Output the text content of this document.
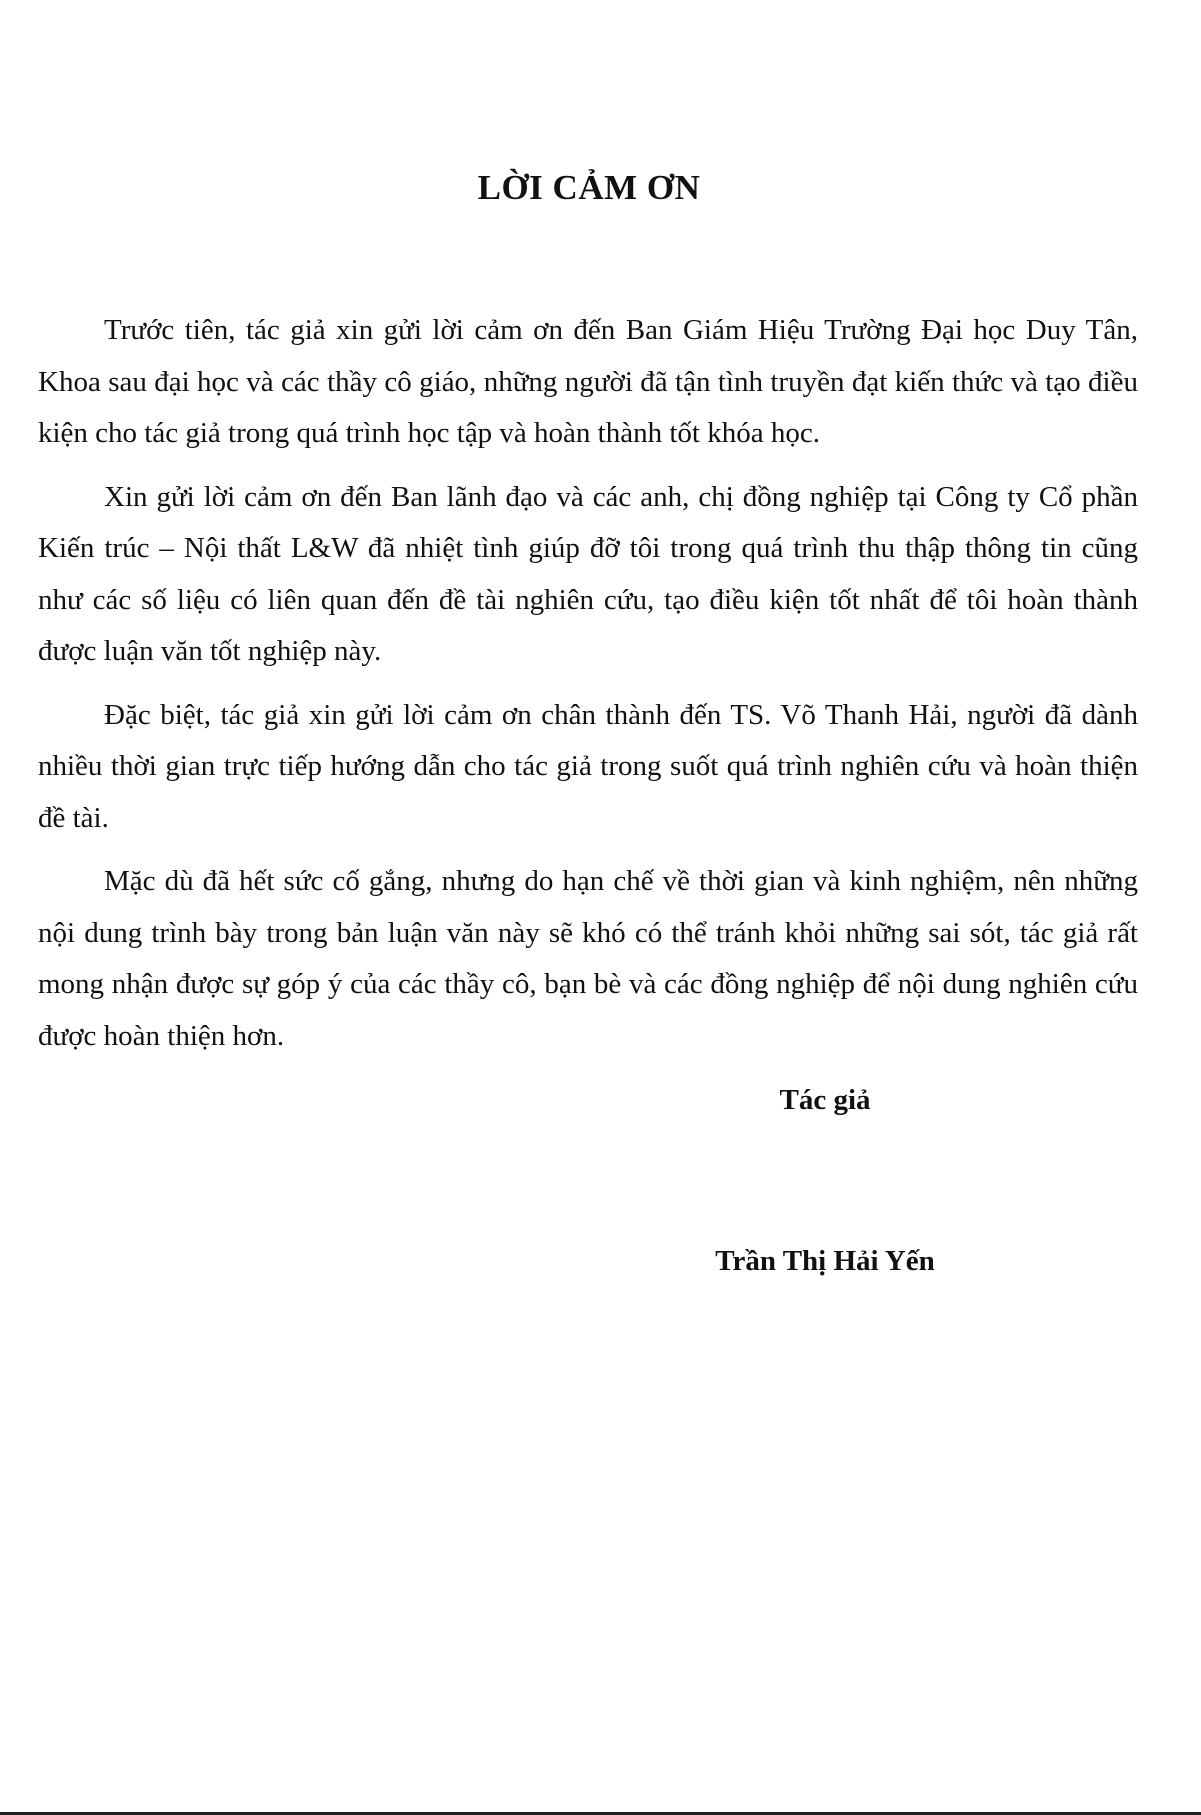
LỜI CẢM ƠN

Trước tiên, tác giả xin gửi lời cảm ơn đến Ban Giám Hiệu Trường Đại học Duy Tân, Khoa sau đại học và các thầy cô giáo, những người đã tận tình truyền đạt kiến thức và tạo điều kiện cho tác giả trong quá trình học tập và hoàn thành tốt khóa học.

Xin gửi lời cảm ơn đến Ban lãnh đạo và các anh, chị đồng nghiệp tại Công ty Cổ phần Kiến trúc – Nội thất L&W đã nhiệt tình giúp đỡ tôi trong quá trình thu thập thông tin cũng như các số liệu có liên quan đến đề tài nghiên cứu, tạo điều kiện tốt nhất để tôi hoàn thành được luận văn tốt nghiệp này.

Đặc biệt, tác giả xin gửi lời cảm ơn chân thành đến TS. Võ Thanh Hải, người đã dành nhiều thời gian trực tiếp hướng dẫn cho tác giả trong suốt quá trình nghiên cứu và hoàn thiện đề tài.

Mặc dù đã hết sức cố gắng, nhưng do hạn chế về thời gian và kinh nghiệm, nên những nội dung trình bày trong bản luận văn này sẽ khó có thể tránh khỏi những sai sót, tác giả rất mong nhận được sự góp ý của các thầy cô, bạn bè và các đồng nghiệp để nội dung nghiên cứu được hoàn thiện hơn.

Tác giả
Trần Thị Hải Yến
